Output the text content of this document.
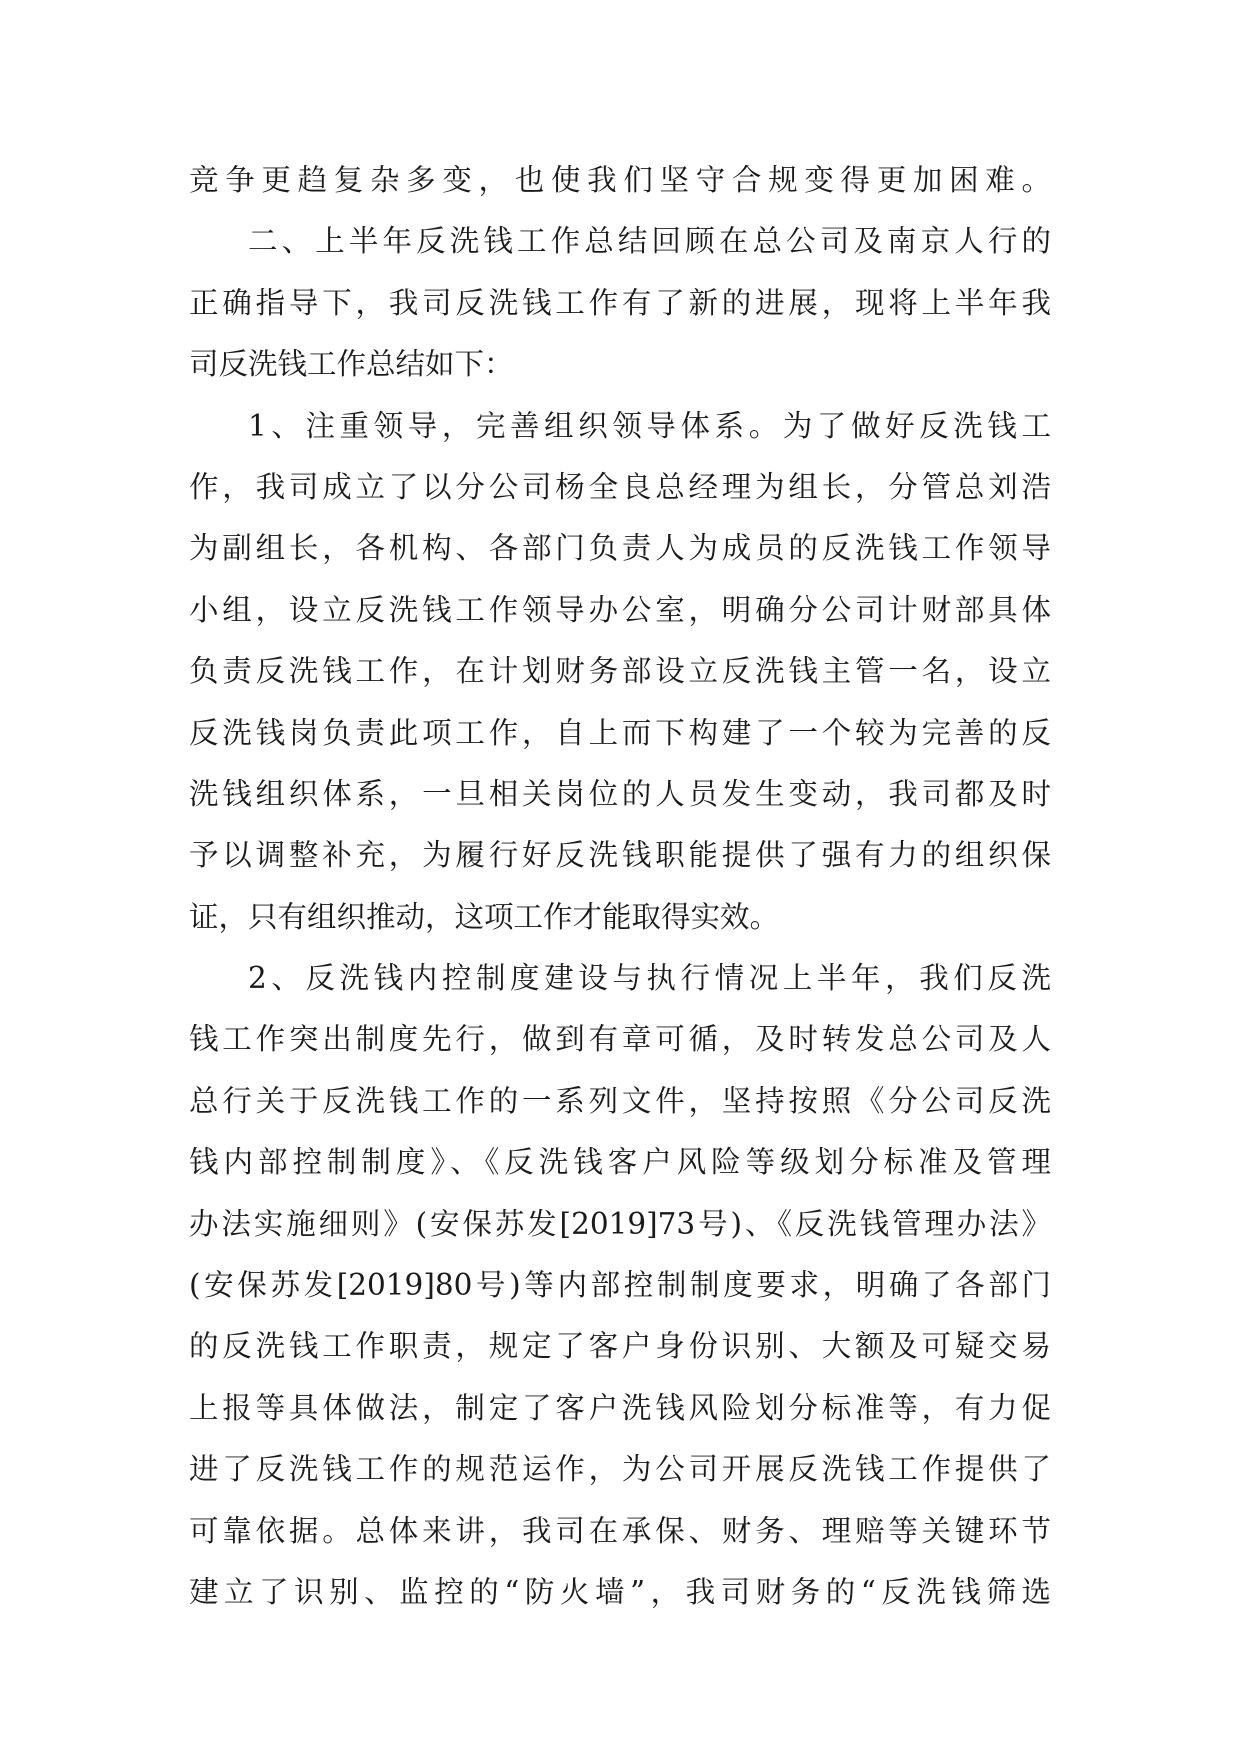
竞争更趋复杂多变，也使我们坚守合规变得更加困难。
二、上半年反洗钱工作总结回顾在总公司及南京人行的
正确指导下，我司反洗钱工作有了新的进展，现将上半年我
司反洗钱工作总结如下：
1、注重领导，完善组织领导体系。为了做好反洗钱工
作，我司成立了以分公司杨全良总经理为组长，分管总刘浩
为副组长，各机构、各部门负责人为成员的反洗钱工作领导
小组，设立反洗钱工作领导办公室，明确分公司计财部具体
负责反洗钱工作，在计划财务部设立反洗钱主管一名，设立
反洗钱岗负责此项工作，自上而下构建了一个较为完善的反
洗钱组织体系，一旦相关岗位的人员发生变动，我司都及时
予以调整补充，为履行好反洗钱职能提供了强有力的组织保
证，只有组织推动，这项工作才能取得实效。
2、反洗钱内控制度建设与执行情况上半年，我们反洗
钱工作突出制度先行，做到有章可循，及时转发总公司及人
总行关于反洗钱工作的一系列文件，坚持按照《分公司反洗
钱内部控制制度》、《反洗钱客户风险等级划分标准及管理
办法实施细则》(安保苏发[2019]73号)、《反洗钱管理办法》
(安保苏发[2019]80号)等内部控制制度要求，明确了各部门
的反洗钱工作职责，规定了客户身份识别、大额及可疑交易
上报等具体做法，制定了客户洗钱风险划分标准等，有力促
进了反洗钱工作的规范运作，为公司开展反洗钱工作提供了
可靠依据。总体来讲，我司在承保、财务、理赔等关键环节
建立了识别、监控的“防火墙”，我司财务的“反洗钱筛选
